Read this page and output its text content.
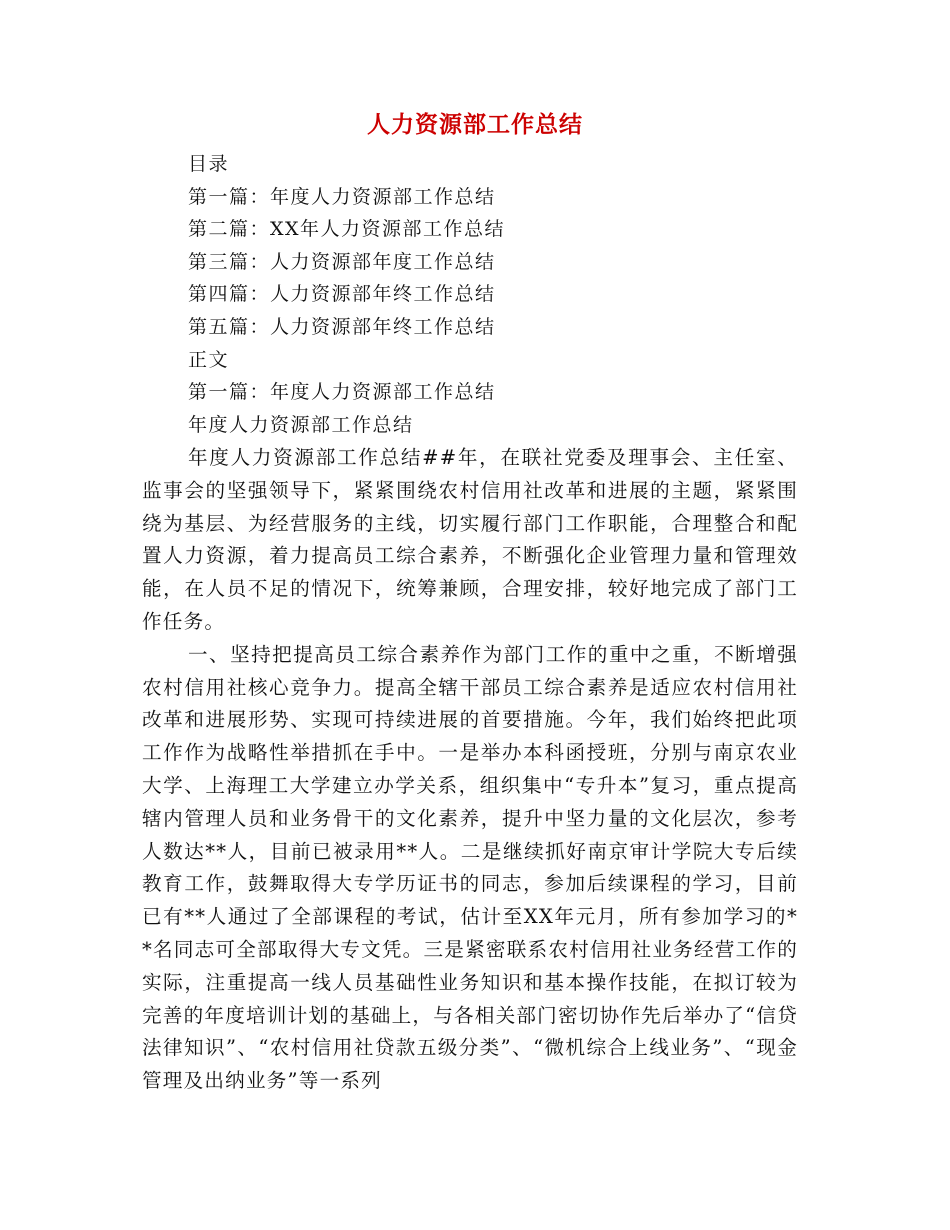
人力资源部工作总结
目录
第一篇：年度人力资源部工作总结
第二篇：XX年人力资源部工作总结
第三篇：人力资源部年度工作总结
第四篇：人力资源部年终工作总结
第五篇：人力资源部年终工作总结
正文
第一篇：年度人力资源部工作总结
年度人力资源部工作总结

年度人力资源部工作总结##年，在联社党委及理事会、主任室、监事会的坚强领导下，紧紧围绕农村信用社改革和进展的主题，紧紧围绕为基层、为经营服务的主线，切实履行部门工作职能，合理整合和配置人力资源，着力提高员工综合素养，不断强化企业管理力量和管理效能，在人员不足的情况下，统筹兼顾，合理安排，较好地完成了部门工作任务。

一、坚持把提高员工综合素养作为部门工作的重中之重，不断增强农村信用社核心竞争力。提高全辖干部员工综合素养是适应农村信用社改革和进展形势、实现可持续进展的首要措施。今年，我们始终把此项工作作为战略性举措抓在手中。一是举办本科函授班，分别与南京农业大学、上海理工大学建立办学关系，组织集中“专升本”复习，重点提高辖内管理人员和业务骨干的文化素养，提升中坚力量的文化层次，参考人数达**人，目前已被录用**人。二是继续抓好南京审计学院大专后续教育工作，鼓舞取得大专学历证书的同志，参加后续课程的学习，目前已有**人通过了全部课程的考试，估计至XX年元月，所有参加学习的**名同志可全部取得大专文凭。三是紧密联系农村信用社业务经营工作的实际，注重提高一线人员基础性业务知识和基本操作技能，在拟订较为完善的年度培训计划的基础上，与各相关部门密切协作先后举办了“信贷法律知识”、“农村信用社贷款五级分类”、“微机综合上线业务”、“现金管理及出纳业务”等一系列
